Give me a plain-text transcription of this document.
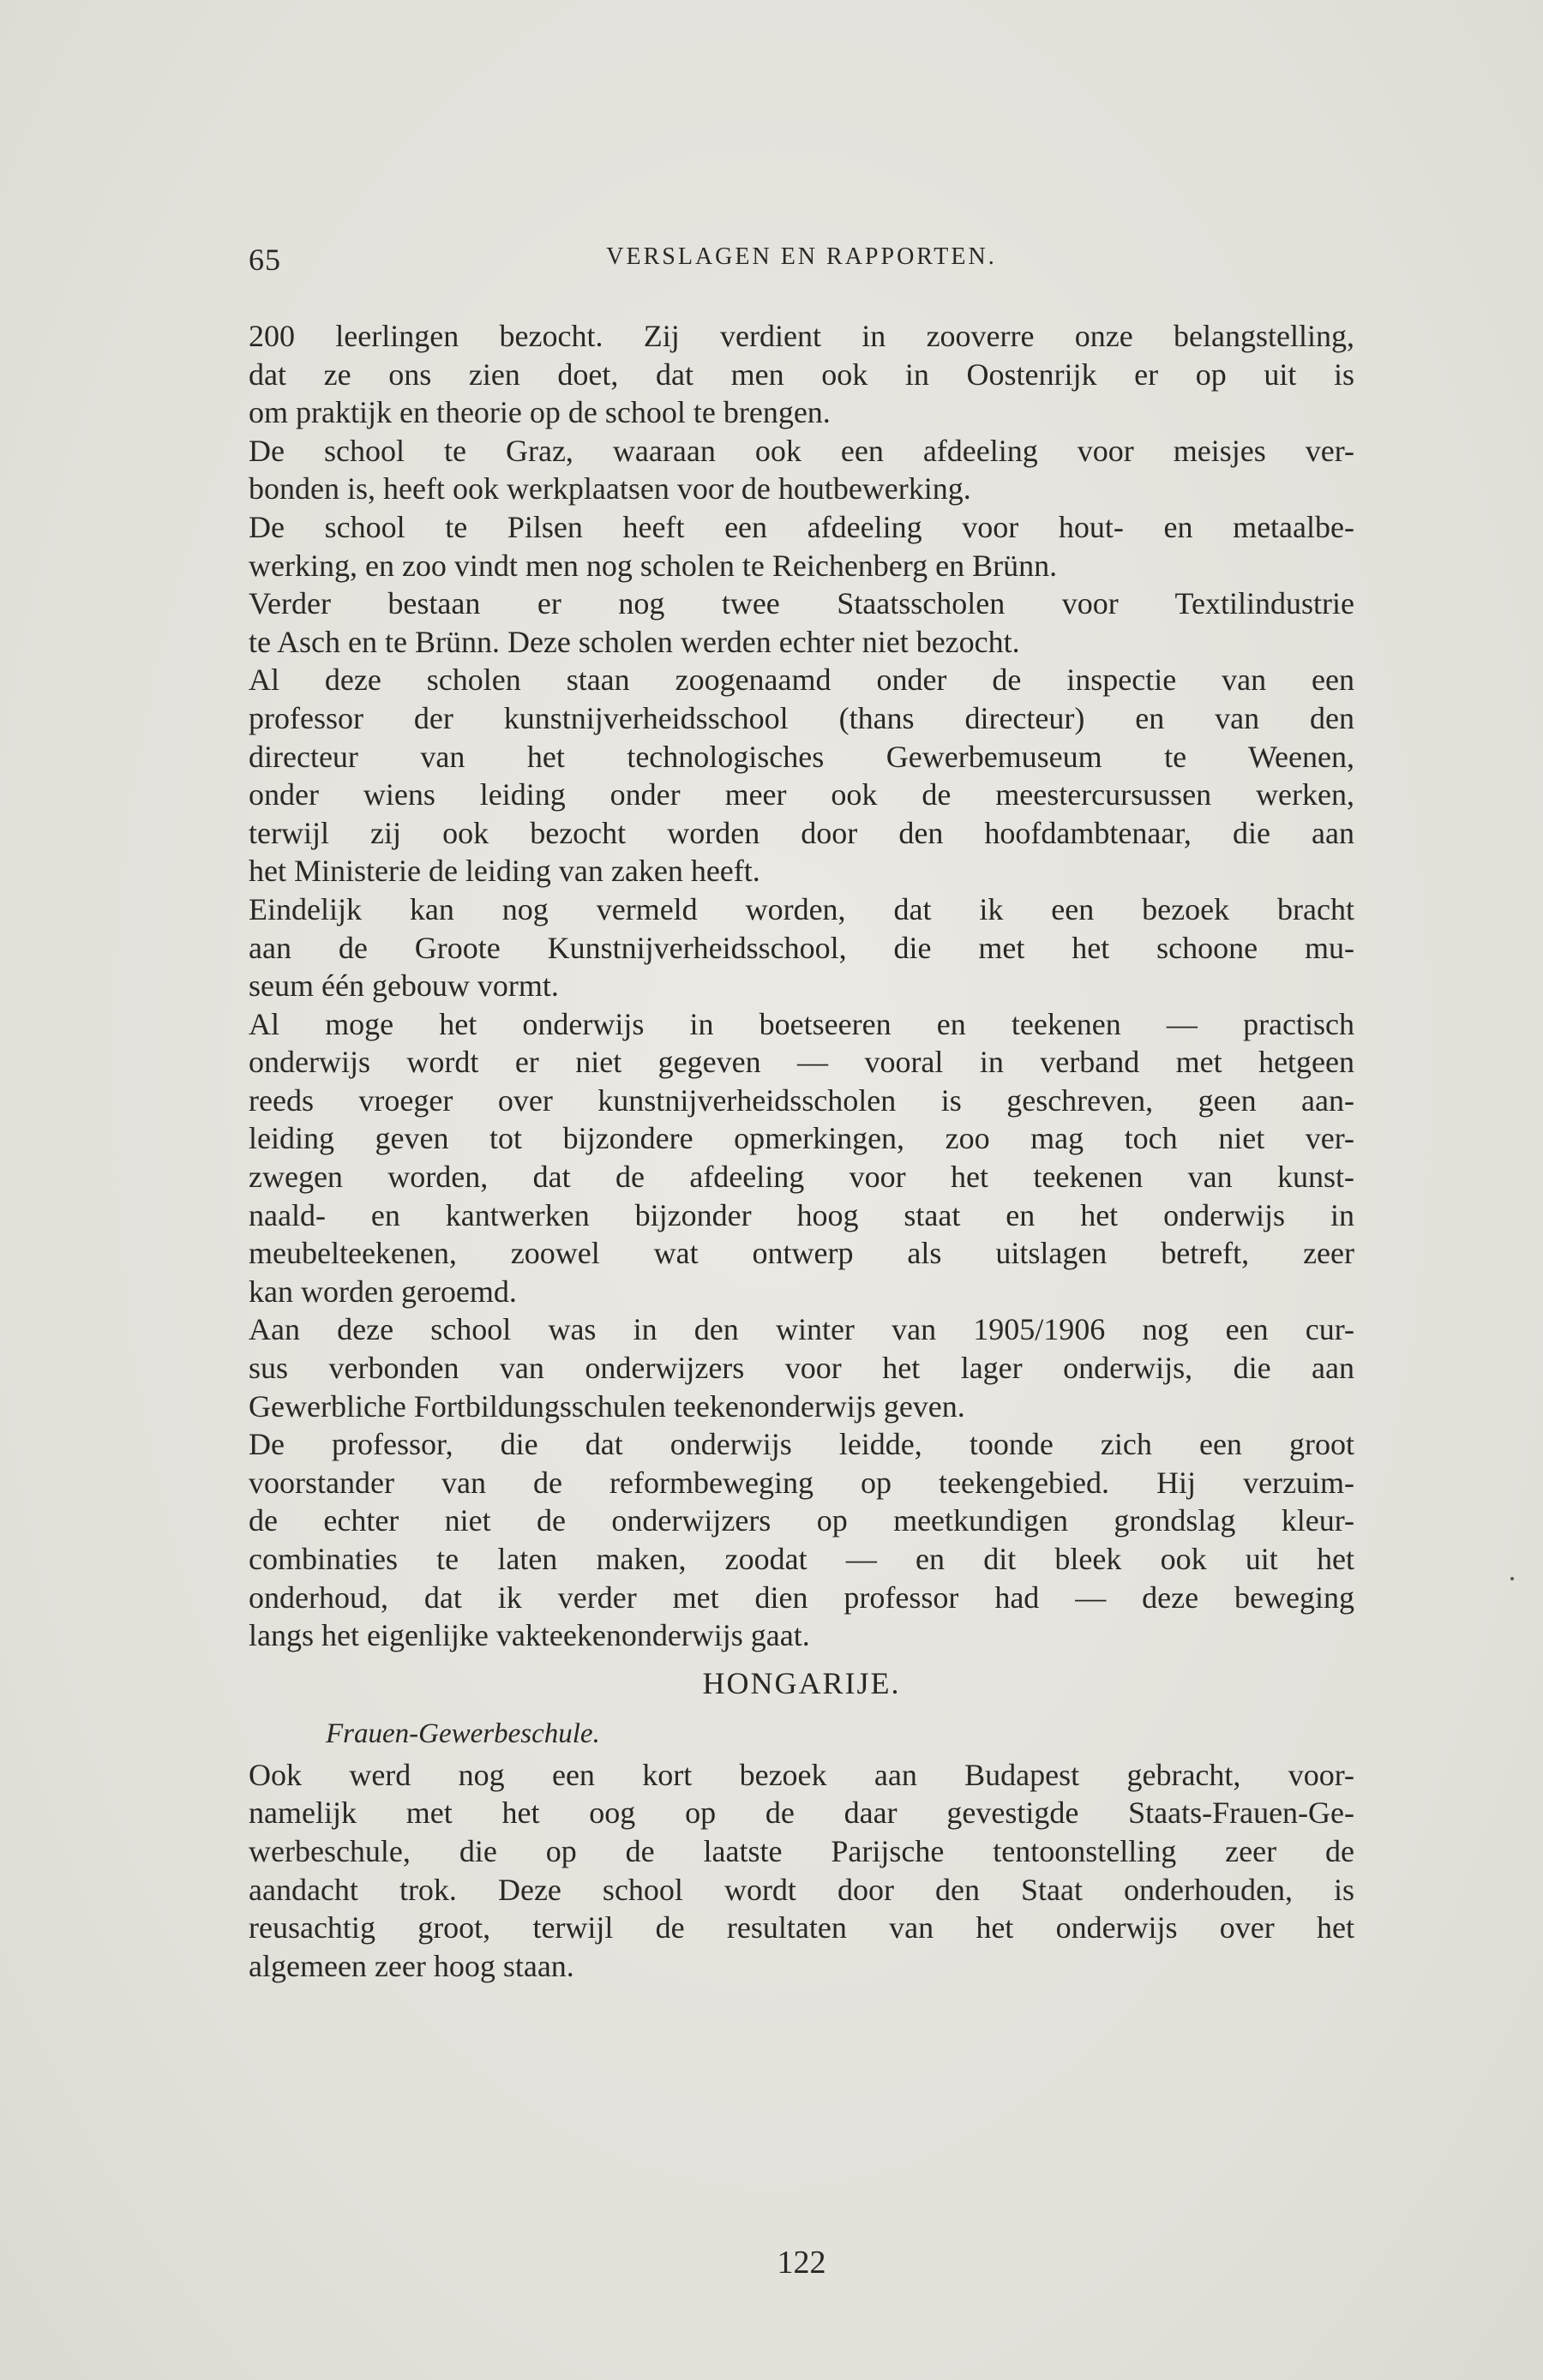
65	VERSLAGEN EN RAPPORTEN.
200 leerlingen bezocht. Zij verdient in zooverre onze belangstelling,
dat ze ons zien doet, dat men ook in Oostenrijk er op uit is
om praktijk en theorie op de school te brengen.
De school te Graz, waaraan ook een afdeeling voor meisjes ver-
bonden is, heeft ook werkplaatsen voor de houtbewerking.
De school te Pilsen heeft een afdeeling voor hout- en metaalbe-
werking, en zoo vindt men nog scholen te Reichenberg en Brünn.
Verder bestaan er nog twee Staatsscholen voor Textilindustrie
te Asch en te Brünn. Deze scholen werden echter niet bezocht.
Al deze scholen staan zoogenaamd onder de inspectie van een
professor der kunstnijverheidsschool (thans directeur) en van den
directeur van het technologisches Gewerbemuseum te Weenen,
onder wiens leiding onder meer ook de meestercursussen werken,
terwijl zij ook bezocht worden door den hoofdambtenaar, die aan
het Ministerie de leiding van zaken heeft.
Eindelijk kan nog vermeld worden, dat ik een bezoek bracht
aan de Groote Kunstnijverheidsschool, die met het schoone mu-
seum één gebouw vormt.
Al moge het onderwijs in boetseeren en teekenen — practisch
onderwijs wordt er niet gegeven — vooral in verband met hetgeen
reeds vroeger over kunstnijverheidsscholen is geschreven, geen aan-
leiding geven tot bijzondere opmerkingen, zoo mag toch niet ver-
zwegen worden, dat de afdeeling voor het teekenen van kunst-
naald- en kantwerken bijzonder hoog staat en het onderwijs in
meubelteekenen, zoowel wat ontwerp als uitslagen betreft, zeer
kan worden geroemd.
Aan deze school was in den winter van 1905/1906 nog een cur-
sus verbonden van onderwijzers voor het lager onderwijs, die aan
Gewerbliche Fortbildungsschulen teekenonderwijs geven.
De professor, die dat onderwijs leidde, toonde zich een groot
voorstander van de reformbeweging op teekengebied. Hij verzuim-
de echter niet de onderwijzers op meetkundigen grondslag kleur-
combinaties te laten maken, zoodat — en dit bleek ook uit het
onderhoud, dat ik verder met dien professor had — deze beweging
langs het eigenlijke vakteekenonderwijs gaat.
HONGARIJE.
Frauen-Gewerbeschule.
Ook werd nog een kort bezoek aan Budapest gebracht, voor-
namelijk met het oog op de daar gevestigde Staats-Frauen-Ge-
werbeschule, die op de laatste Parijsche tentoonstelling zeer de
aandacht trok. Deze school wordt door den Staat onderhouden, is
reusachtig groot, terwijl de resultaten van het onderwijs over het
algemeen zeer hoog staan.
122
